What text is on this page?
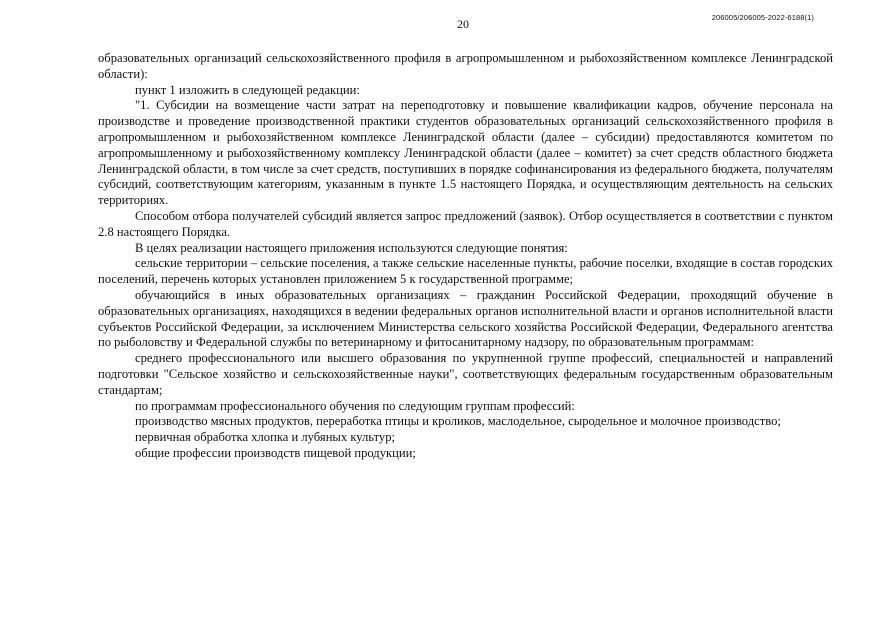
20	206005/206005-2022-6188(1)

образовательных организаций сельскохозяйственного профиля в агропромышленном и рыбохозяйственном комплексе Ленинградской области):

пункт 1 изложить в следующей редакции:

"1. Субсидии на возмещение части затрат на переподготовку и повышение квалификации кадров, обучение персонала на производстве и проведение производственной практики студентов образовательных организаций сельскохозяйственного профиля в агропромышленном и рыбохозяйственном комплексе Ленинградской области (далее – субсидии) предоставляются комитетом по агропромышленному и рыбохозяйственному комплексу Ленинградской области (далее – комитет) за счет средств областного бюджета Ленинградской области, в том числе за счет средств, поступивших в порядке софинансирования из федерального бюджета, получателям субсидий, соответствующим категориям, указанным в пункте 1.5 настоящего Порядка, и осуществляющим деятельность на сельских территориях.

Способом отбора получателей субсидий является запрос предложений (заявок). Отбор осуществляется в соответствии с пунктом 2.8 настоящего Порядка.

В целях реализации настоящего приложения используются следующие понятия:

сельские территории – сельские поселения, а также сельские населенные пункты, рабочие поселки, входящие в состав городских поселений, перечень которых установлен приложением 5 к государственной программе;

обучающийся в иных образовательных организациях – гражданин Российской Федерации, проходящий обучение в образовательных организациях, находящихся в ведении федеральных органов исполнительной власти и органов исполнительной власти субъектов Российской Федерации, за исключением Министерства сельского хозяйства Российской Федерации, Федерального агентства по рыболовству и Федеральной службы по ветеринарному и фитосанитарному надзору, по образовательным программам:

среднего профессионального или высшего образования по укрупненной группе профессий, специальностей и направлений подготовки "Сельское хозяйство и сельскохозяйственные науки", соответствующих федеральным государственным образовательным стандартам;

по программам профессионального обучения по следующим группам профессий:

производство мясных продуктов, переработка птицы и кроликов, маслодельное, сыродельное и молочное производство;

первичная обработка хлопка и лубяных культур;

общие профессии производств пищевой продукции;
